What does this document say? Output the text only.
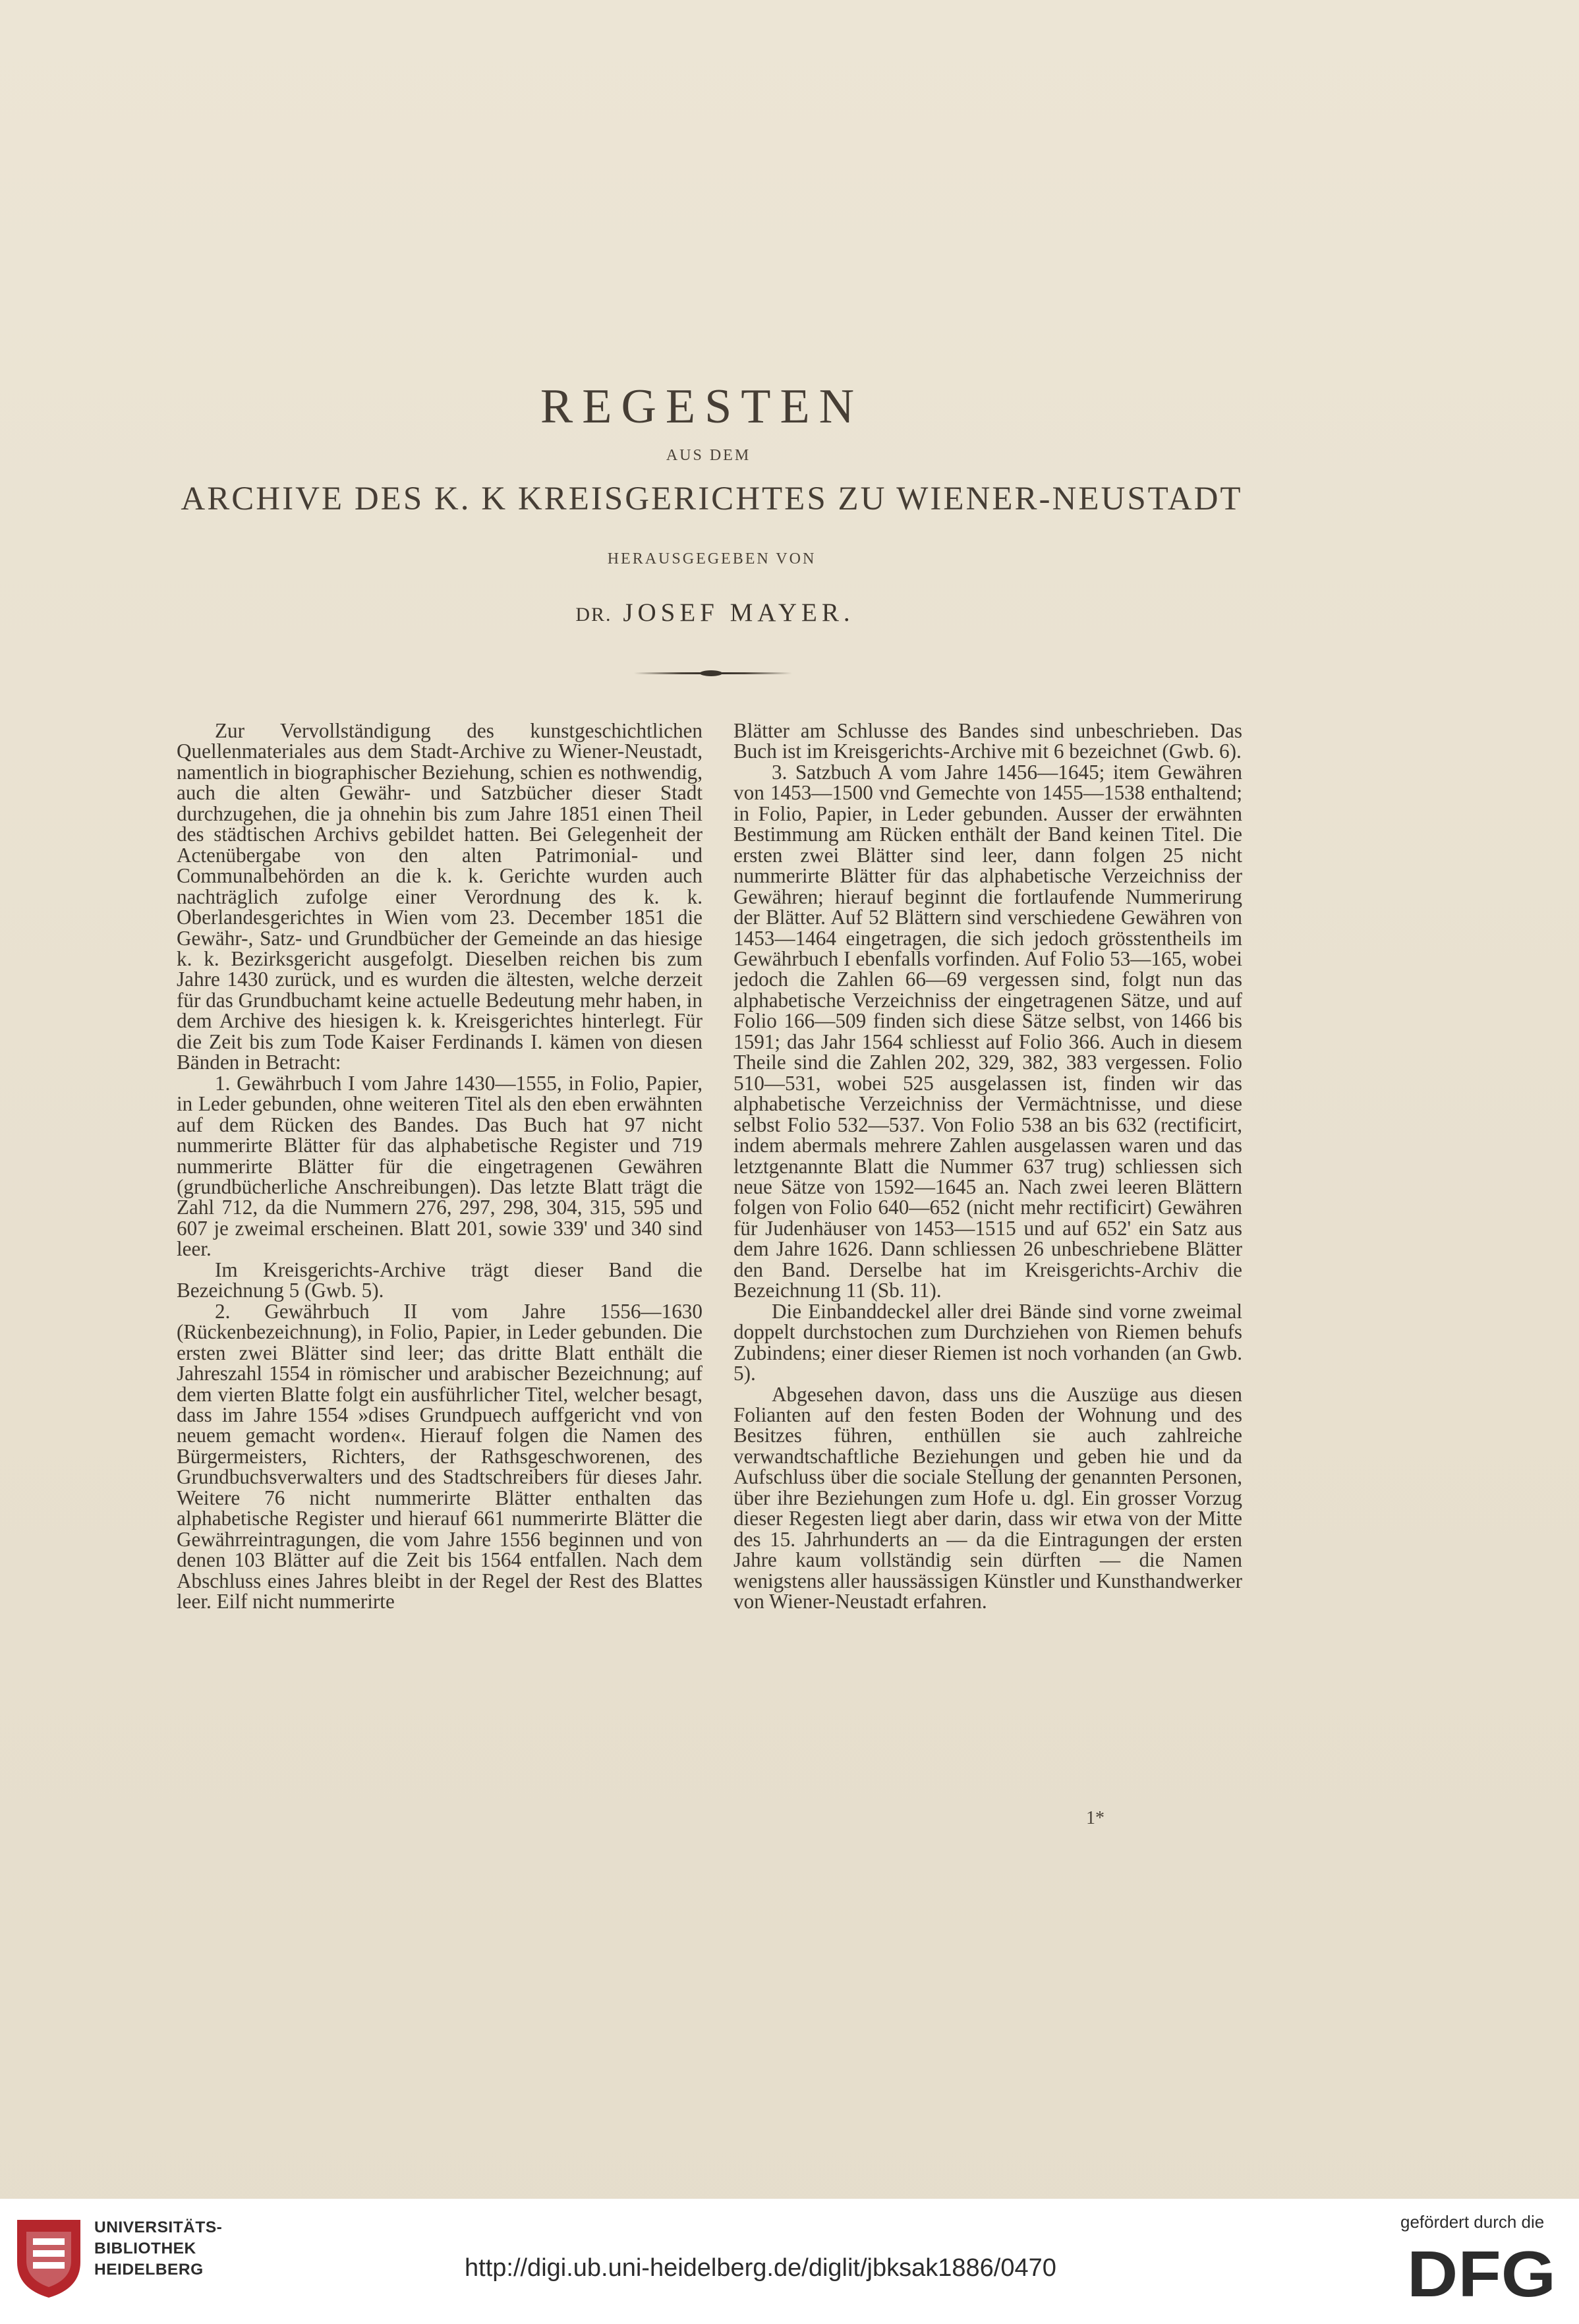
REGESTEN
AUS DEM
ARCHIVE DES K. K KREISGERICHTES ZU WIENER-NEUSTADT
HERAUSGEGEBEN VON
DR. JOSEF MAYER.

Zur Vervollständigung des kunstgeschichtlichen Quellenmateriales aus dem Stadt-Archive zu Wiener-Neustadt, namentlich in biographischer Beziehung, schien es nothwendig, auch die alten Gewähr- und Satzbücher dieser Stadt durchzugehen, die ja ohnehin bis zum Jahre 1851 einen Theil des städtischen Archivs gebildet hatten. Bei Gelegenheit der Actenübergabe von den alten Patrimonial- und Communalbehörden an die k. k. Gerichte wurden auch nachträglich zufolge einer Verordnung des k. k. Oberlandesgerichtes in Wien vom 23. December 1851 die Gewähr-, Satz- und Grundbücher der Gemeinde an das hiesige k. k. Bezirksgericht ausgefolgt. Dieselben reichen bis zum Jahre 1430 zurück, und es wurden die ältesten, welche derzeit für das Grundbuchamt keine actuelle Bedeutung mehr haben, in dem Archive des hiesigen k. k. Kreisgerichtes hinterlegt. Für die Zeit bis zum Tode Kaiser Ferdinands I. kämen von diesen Bänden in Betracht:

1. Gewährbuch I vom Jahre 1430—1555, in Folio, Papier, in Leder gebunden, ohne weiteren Titel als den eben erwähnten auf dem Rücken des Bandes. Das Buch hat 97 nicht nummerirte Blätter für das alphabetische Register und 719 nummerirte Blätter für die eingetragenen Gewähren (grundbücherliche Anschreibungen). Das letzte Blatt trägt die Zahl 712, da die Nummern 276, 297, 298, 304, 315, 595 und 607 je zweimal erscheinen. Blatt 201, sowie 339' und 340 sind leer.

Im Kreisgerichts-Archive trägt dieser Band die Bezeichnung 5 (Gwb. 5).

2. Gewährbuch II vom Jahre 1556—1630 (Rückenbezeichnung), in Folio, Papier, in Leder gebunden. Die ersten zwei Blätter sind leer; das dritte Blatt enthält die Jahreszahl 1554 in römischer und arabischer Bezeichnung; auf dem vierten Blatte folgt ein ausführlicher Titel, welcher besagt, dass im Jahre 1554 »dises Grundpuech auffgericht vnd von neuem gemacht worden«. Hierauf folgen die Namen des Bürgermeisters, Richters, der Rathsgeschworenen, des Grundbuchsverwalters und des Stadtschreibers für dieses Jahr. Weitere 76 nicht nummerirte Blätter enthalten das alphabetische Register und hierauf 661 nummerirte Blätter die Gewährreintragungen, die vom Jahre 1556 beginnen und von denen 103 Blätter auf die Zeit bis 1564 entfallen. Nach dem Abschluss eines Jahres bleibt in der Regel der Rest des Blattes leer. Eilf nicht nummerirte

Blätter am Schlusse des Bandes sind unbeschrieben. Das Buch ist im Kreisgerichts-Archive mit 6 bezeichnet (Gwb. 6).

3. Satzbuch A vom Jahre 1456—1645; item Gewähren von 1453—1500 vnd Gemechte von 1455—1538 enthaltend; in Folio, Papier, in Leder gebunden. Ausser der erwähnten Bestimmung am Rücken enthält der Band keinen Titel. Die ersten zwei Blätter sind leer, dann folgen 25 nicht nummerirte Blätter für das alphabetische Verzeichniss der Gewähren; hierauf beginnt die fortlaufende Nummerirung der Blätter. Auf 52 Blättern sind verschiedene Gewähren von 1453—1464 eingetragen, die sich jedoch grösstentheils im Gewährbuch I ebenfalls vorfinden. Auf Folio 53—165, wobei jedoch die Zahlen 66—69 vergessen sind, folgt nun das alphabetische Verzeichniss der eingetragenen Sätze, und auf Folio 166—509 finden sich diese Sätze selbst, von 1466 bis 1591; das Jahr 1564 schliesst auf Folio 366. Auch in diesem Theile sind die Zahlen 202, 329, 382, 383 vergessen. Folio 510—531, wobei 525 ausgelassen ist, finden wir das alphabetische Verzeichniss der Vermächtnisse, und diese selbst Folio 532—537. Von Folio 538 an bis 632 (rectificirt, indem abermals mehrere Zahlen ausgelassen waren und das letztgenannte Blatt die Nummer 637 trug) schliessen sich neue Sätze von 1592—1645 an. Nach zwei leeren Blättern folgen von Folio 640—652 (nicht mehr rectificirt) Gewähren für Judenhäuser von 1453—1515 und auf 652' ein Satz aus dem Jahre 1626. Dann schliessen 26 unbeschriebene Blätter den Band. Derselbe hat im Kreisgerichts-Archiv die Bezeichnung 11 (Sb. 11).

Die Einbanddeckel aller drei Bände sind vorne zweimal doppelt durchstochen zum Durchziehen von Riemen behufs Zubindens; einer dieser Riemen ist noch vorhanden (an Gwb. 5).

Abgesehen davon, dass uns die Auszüge aus diesen Folianten auf den festen Boden der Wohnung und des Besitzes führen, enthüllen sie auch zahlreiche verwandtschaftliche Beziehungen und geben hie und da Aufschluss über die sociale Stellung der genannten Personen, über ihre Beziehungen zum Hofe u. dgl. Ein grosser Vorzug dieser Regesten liegt aber darin, dass wir etwa von der Mitte des 15. Jahrhunderts an — da die Eintragungen der ersten Jahre kaum vollständig sein dürften — die Namen wenigstens aller haussässigen Künstler und Kunsthandwerker von Wiener-Neustadt erfahren.

1*
UNIVERSITÄTS-
BIBLIOTHEK
HEIDELBERG	http://digi.ub.uni-heidelberg.de/diglit/jbksak1886/0470
gefördert durch die
DFG
